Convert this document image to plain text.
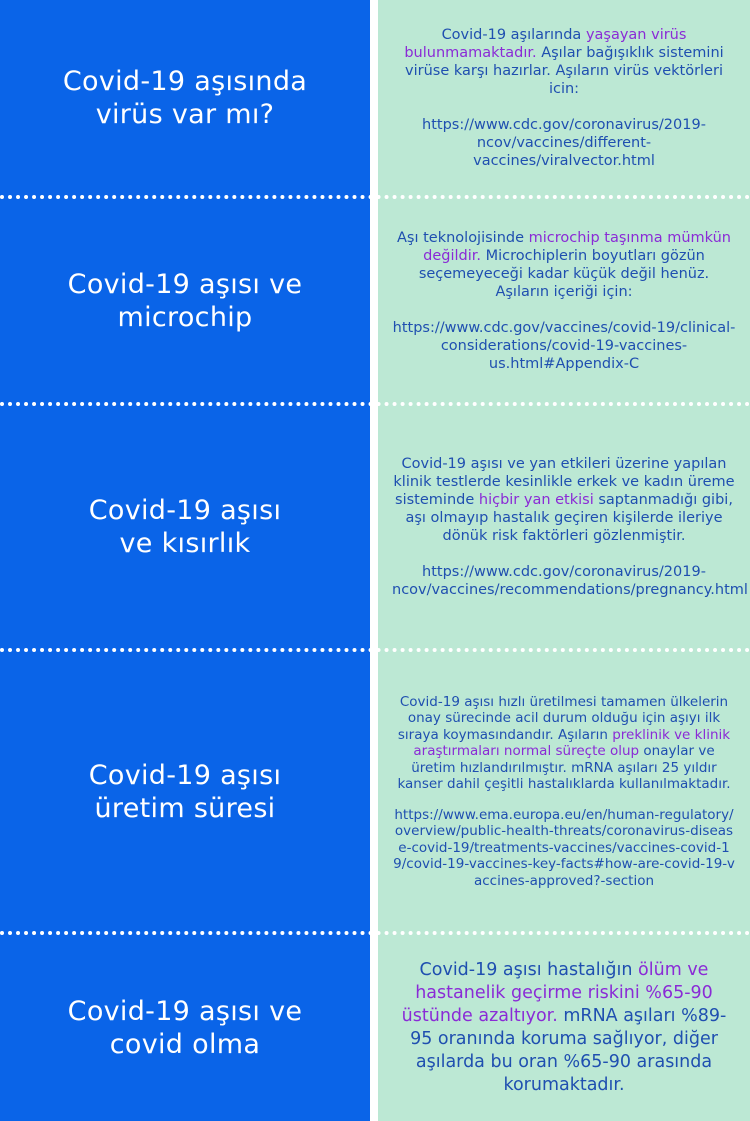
Covid-19 aşısında
virüs var mı?

Covid-19 aşılarında yaşayan virüs bulunmamaktadır. Aşılar bağışıklık sistemini virüse karşı hazırlar. Aşıların virüs vektörleri icin:

https://www.cdc.gov/coronavirus/2019-ncov/vaccines/different-vaccines/viralvector.html

Covid-19 aşısı ve
microchip

Aşı teknolojisinde microchip taşınma mümkün değildir. Microchiplerin boyutları gözün seçemeyeceği kadar küçük değil henüz. Aşıların içeriği için:

https://www.cdc.gov/vaccines/covid-19/clinical-considerations/covid-19-vaccines-us.html#Appendix-C

Covid-19 aşısı
ve kısırlık

Covid-19 aşısı ve yan etkileri üzerine yapılan klinik testlerde kesinlikle erkek ve kadın üreme sisteminde hiçbir yan etkisi saptanmadığı gibi, aşı olmayıp hastalık geçiren kişilerde ileriye dönük risk faktörleri gözlenmiştir.

https://www.cdc.gov/coronavirus/2019-ncov/vaccines/recommendations/pregnancy.html

Covid-19 aşısı
üretim süresi

Covid-19 aşısı hızlı üretilmesi tamamen ülkelerin onay sürecinde acil durum olduğu için aşıyı ilk sıraya koymasındandır. Aşıların preklinik ve klinik araştırmaları normal süreçte olup onaylar ve üretim hızlandırılmıştır. mRNA aşıları 25 yıldır kanser dahil çeşitli hastalıklarda kullanılmaktadır.

https://www.ema.europa.eu/en/human-regulatory/overview/public-health-threats/coronavirus-disease-covid-19/treatments-vaccines/vaccines-covid-19/covid-19-vaccines-key-facts#how-are-covid-19-vaccines-approved?-section

Covid-19 aşısı ve
covid olma

Covid-19 aşısı hastalığın ölüm ve hastanelik geçirme riskini %65-90 üstünde azaltıyor. mRNA aşıları %89-95 oranında koruma sağlıyor, diğer aşılarda bu oran %65-90 arasında korumaktadır.
